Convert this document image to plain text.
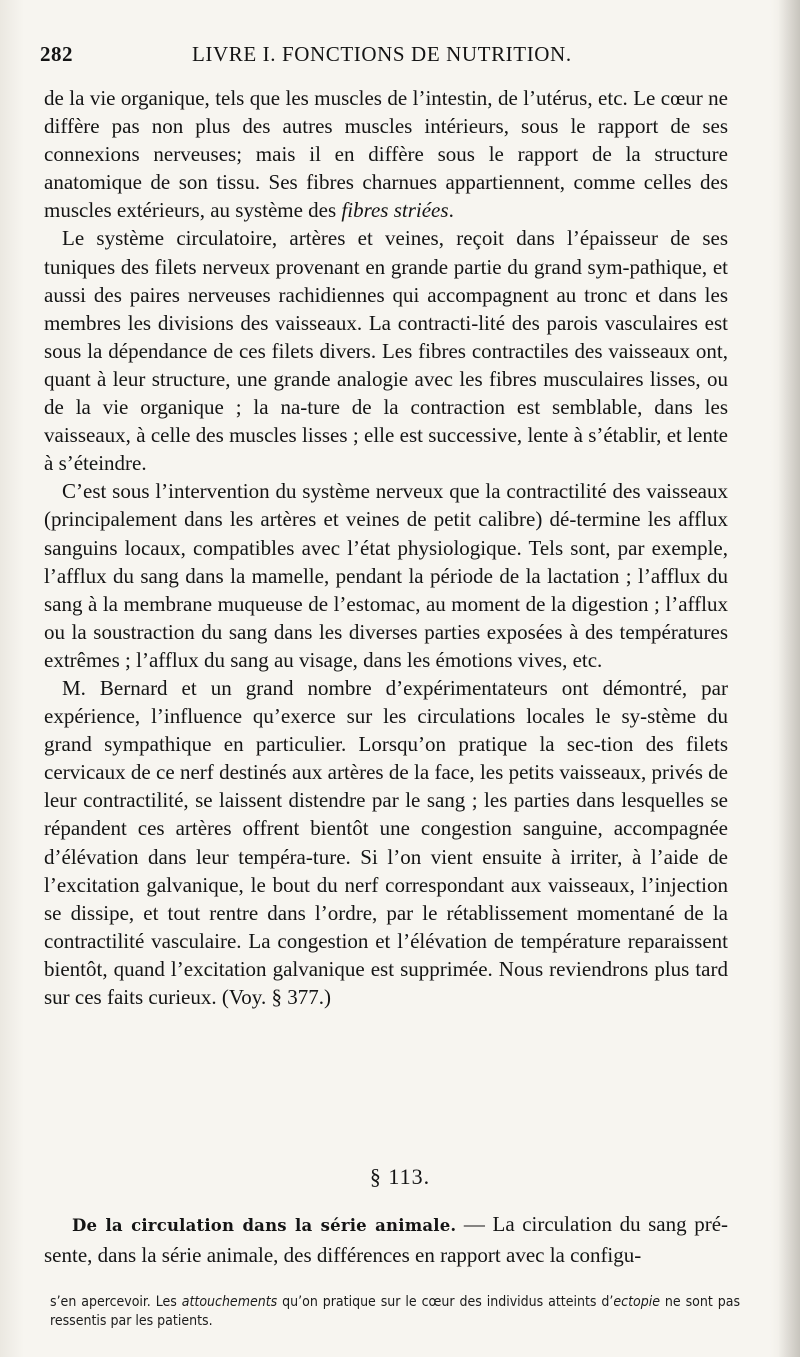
282	LIVRE I. FONCTIONS DE NUTRITION.

de la vie organique, tels que les muscles de l’intestin, de l’utérus, etc. Le cœur ne diffère pas non plus des autres muscles intérieurs, sous le rapport de ses connexions nerveuses; mais il en diffère sous le rapport de la structure anatomique de son tissu. Ses fibres charnues appartiennent, comme celles des muscles extérieurs, au système des fibres striées.

Le système circulatoire, artères et veines, reçoit dans l’épaisseur de ses tuniques des filets nerveux provenant en grande partie du grand sym-pathique, et aussi des paires nerveuses rachidiennes qui accompagnent au tronc et dans les membres les divisions des vaisseaux. La contracti-lité des parois vasculaires est sous la dépendance de ces filets divers. Les fibres contractiles des vaisseaux ont, quant à leur structure, une grande analogie avec les fibres musculaires lisses, ou de la vie organique ; la na-ture de la contraction est semblable, dans les vaisseaux, à celle des muscles lisses ; elle est successive, lente à s’établir, et lente à s’éteindre.

C’est sous l’intervention du système nerveux que la contractilité des vaisseaux (principalement dans les artères et veines de petit calibre) dé-termine les afflux sanguins locaux, compatibles avec l’état physiologique. Tels sont, par exemple, l’afflux du sang dans la mamelle, pendant la période de la lactation ; l’afflux du sang à la membrane muqueuse de l’estomac, au moment de la digestion ; l’afflux ou la soustraction du sang dans les diverses parties exposées à des températures extrêmes ; l’afflux du sang au visage, dans les émotions vives, etc.

M. Bernard et un grand nombre d’expérimentateurs ont démontré, par expérience, l’influence qu’exerce sur les circulations locales le sy-stème du grand sympathique en particulier. Lorsqu’on pratique la sec-tion des filets cervicaux de ce nerf destinés aux artères de la face, les petits vaisseaux, privés de leur contractilité, se laissent distendre par le sang ; les parties dans lesquelles se répandent ces artères offrent bientôt une congestion sanguine, accompagnée d’élévation dans leur tempéra-ture. Si l’on vient ensuite à irriter, à l’aide de l’excitation galvanique, le bout du nerf correspondant aux vaisseaux, l’injection se dissipe, et tout rentre dans l’ordre, par le rétablissement momentané de la contractilité vasculaire. La congestion et l’élévation de température reparaissent bientôt, quand l’excitation galvanique est supprimée. Nous reviendrons plus tard sur ces faits curieux. (Voy. § 377.)

§ 113.

De la circulation dans la série animale. — La circulation du sang pré-sente, dans la série animale, des différences en rapport avec la configu-

s’en apercevoir. Les attouchements qu’on pratique sur le cœur des individus atteints d’ectopie ne sont pas ressentis par les patients.
